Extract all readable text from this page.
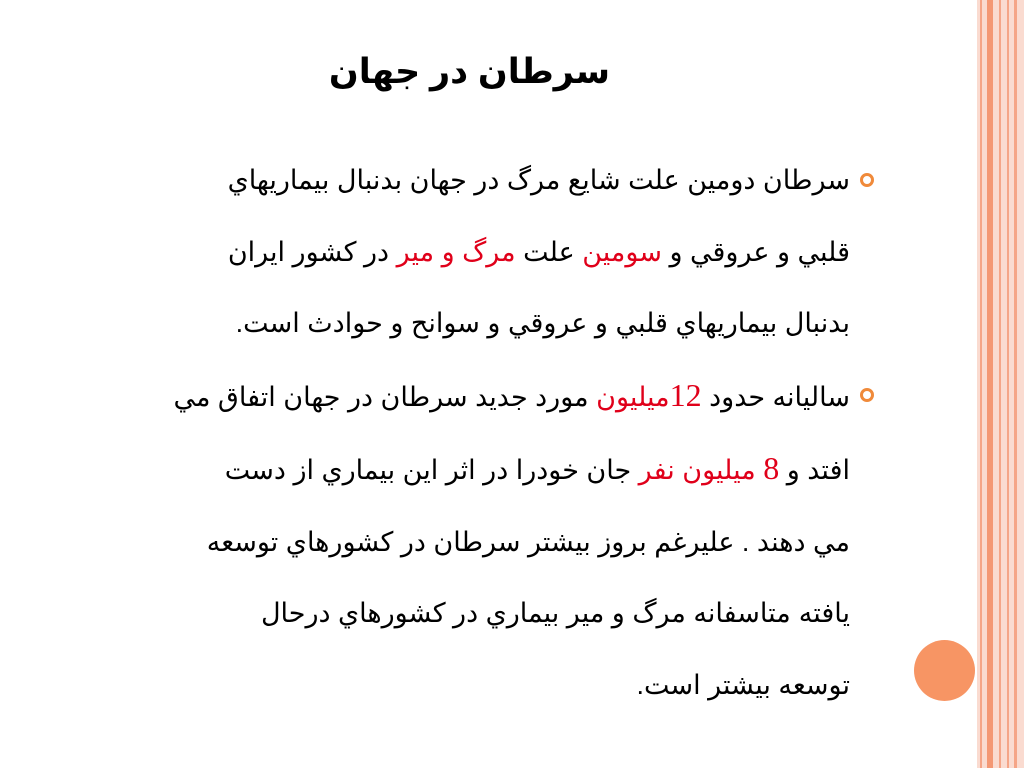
سرطان در جهان
سرطان دومين علت شايع مرگ در جهان بدنبال بيماريهاي
قلبي و عروقي و سومين علت مرگ و مير در کشور ايران
بدنبال بيماريهاي قلبي و عروقي و سوانح و حوادث است.
ساليانه حدود 12ميليون مورد جديد سرطان در جهان اتفاق مي
افتد و 8 ميليون نفر جان خودرا در اثر اين بيماري از دست
مي دهند . عليرغم بروز بيشتر سرطان در کشورهاي توسعه
يافتهمتاسفانه مرگ و مير بيماري در کشورهاي درحال
توسعه بيشتر است.
